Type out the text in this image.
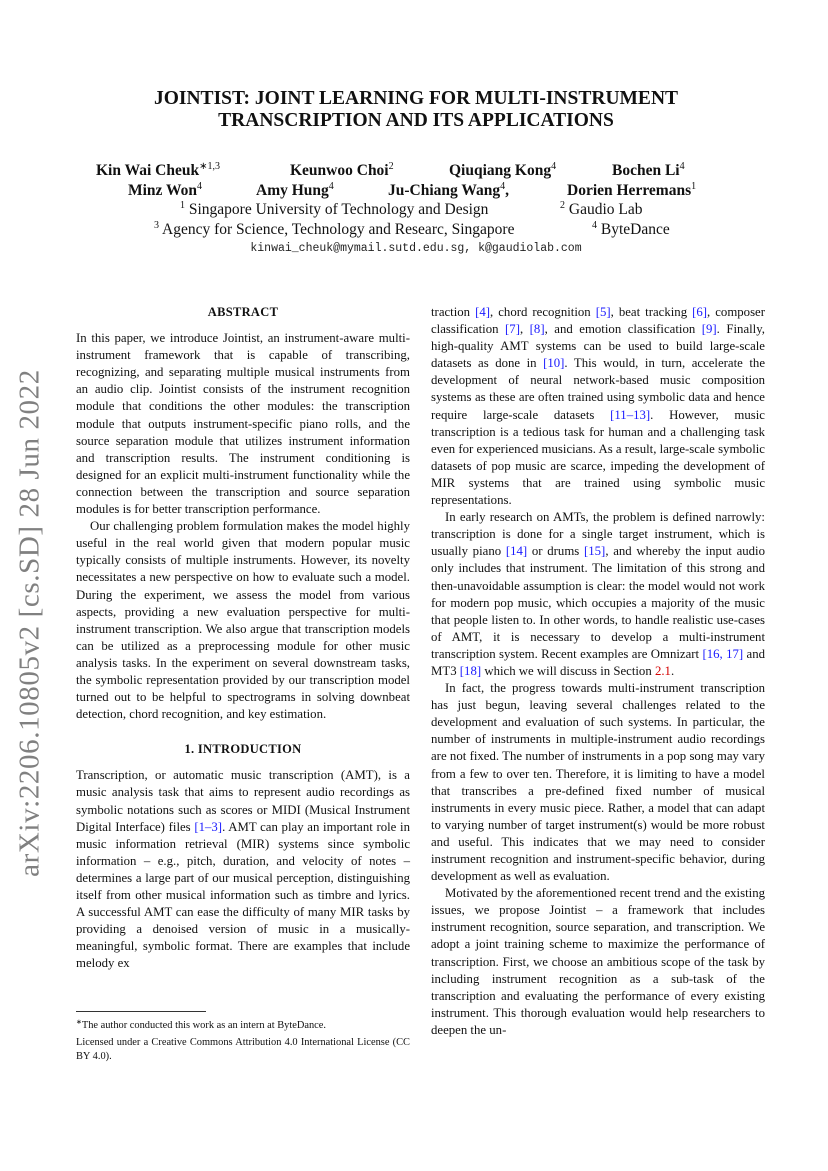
arXiv:2206.10805v2 [cs.SD] 28 Jun 2022
JOINTIST: JOINT LEARNING FOR MULTI-INSTRUMENT
TRANSCRIPTION AND ITS APPLICATIONS
Kin Wai Cheuk$^{∗1,3}$	Keunwoo Choi$^2$	Qiuqiang Kong$^4$	Bochen Li$^4$
Minz Won$^4$	Amy Hung$^4$	Ju-Chiang Wang$^4$,	Dorien Herremans$^1$
$^1$ Singapore University of Technology and Design	$^2$ Gaudio Lab
$^3$ Agency for Science, Technology and Researc, Singapore	$^4$ ByteDance
kinwai_cheuk@mymail.sutd.edu.sg, k@gaudiolab.com
ABSTRACT

In this paper, we introduce Jointist, an instrument-aware multi-instrument framework that is capable of transcribing, recognizing, and separating multiple musical instruments from an audio clip. Jointist consists of the instrument recognition module that conditions the other modules: the transcription module that outputs instrument-specific piano rolls, and the source separation module that utilizes instrument information and transcription results. The instrument conditioning is designed for an explicit multi-instrument functionality while the connection between the transcription and source separation modules is for better transcription performance.

Our challenging problem formulation makes the model highly useful in the real world given that modern popular music typically consists of multiple instruments. However, its novelty necessitates a new perspective on how to evaluate such a model. During the experiment, we assess the model from various aspects, providing a new evaluation perspective for multi-instrument transcription. We also argue that transcription models can be utilized as a preprocessing module for other music analysis tasks. In the experiment on several downstream tasks, the symbolic representation provided by our transcription model turned out to be helpful to spectrograms in solving downbeat detection, chord recognition, and key estimation.

1. INTRODUCTION

Transcription, or automatic music transcription (AMT), is a music analysis task that aims to represent audio recordings as symbolic notations such as scores or MIDI (Musical Instrument Digital Interface) files [1–3]. AMT can play an important role in music information retrieval (MIR) systems since symbolic information – e.g., pitch, duration, and velocity of notes – determines a large part of our musical perception, distinguishing itself from other musical information such as timbre and lyrics. A successful AMT can ease the difficulty of many MIR tasks by providing a denoised version of music in a musically-meaningful, symbolic format. There are examples that include melody ex

traction [4], chord recognition [5], beat tracking [6], composer classification [7], [8], and emotion classification [9]. Finally, high-quality AMT systems can be used to build large-scale datasets as done in [10]. This would, in turn, accelerate the development of neural network-based music composition systems as these are often trained using symbolic data and hence require large-scale datasets [11–13]. However, music transcription is a tedious task for human and a challenging task even for experienced musicians. As a result, large-scale symbolic datasets of pop music are scarce, impeding the development of MIR systems that are trained using symbolic music representations.

In early research on AMTs, the problem is defined narrowly: transcription is done for a single target instrument, which is usually piano [14] or drums [15], and whereby the input audio only includes that instrument. The limitation of this strong and then-unavoidable assumption is clear: the model would not work for modern pop music, which occupies a majority of the music that people listen to. In other words, to handle realistic use-cases of AMT, it is necessary to develop a multi-instrument transcription system. Recent examples are Omnizart [16, 17] and MT3 [18] which we will discuss in Section 2.1.

In fact, the progress towards multi-instrument transcription has just begun, leaving several challenges related to the development and evaluation of such systems. In particular, the number of instruments in multiple-instrument audio recordings are not fixed. The number of instruments in a pop song may vary from a few to over ten. Therefore, it is limiting to have a model that transcribes a pre-defined fixed number of musical instruments in every music piece. Rather, a model that can adapt to varying number of target instrument(s) would be more robust and useful. This indicates that we may need to consider instrument recognition and instrument-specific behavior, during development as well as evaluation.

Motivated by the aforementioned recent trend and the existing issues, we propose Jointist – a framework that includes instrument recognition, source separation, and transcription. We adopt a joint training scheme to maximize the performance of transcription. First, we choose an ambitious scope of the task by including instrument recognition as a sub-task of the transcription and evaluating the performance of every existing instrument. This thorough evaluation would help researchers to deepen the un-

∗The author conducted this work as an intern at ByteDance.
Licensed under a Creative Commons Attribution 4.0 International License (CC BY 4.0).
